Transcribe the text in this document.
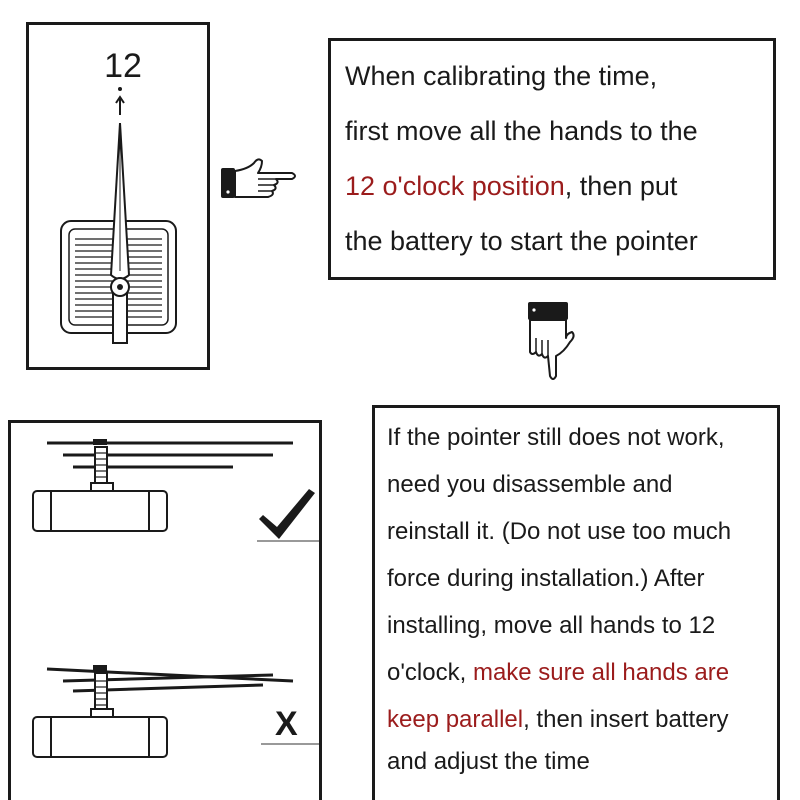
12	When calibrating the time,
first move all the hands to the
12 o'clock position, then put
the battery to start the pointer
X
If the pointer still does not work,
need you disassemble and
reinstall it. (Do not use too much
force during installation.) After
installing, move all hands to 12
o'clock, make sure all hands are
keep parallel, then insert battery
and adjust the time
